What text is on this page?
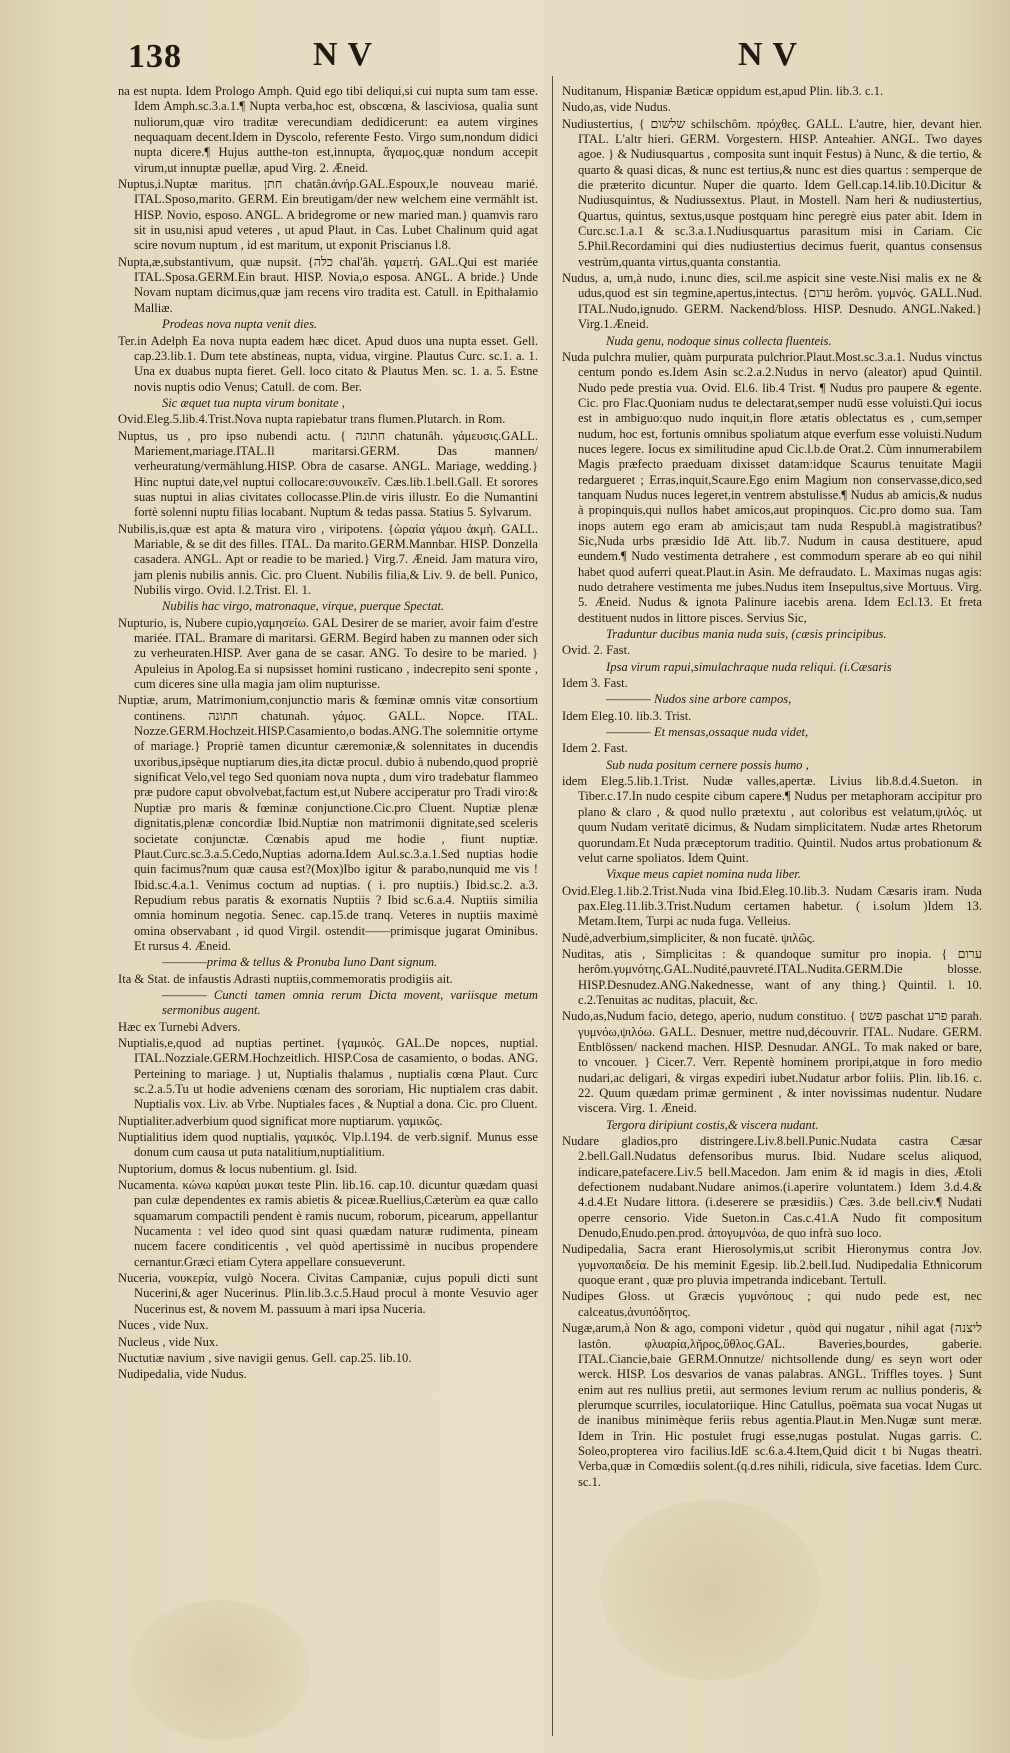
138	NV	NV
na est nupta. Idem Prologo Amph. Quid ego tibi deliqui,si cui nupta sum tam esse. Idem Amph.sc.3.a.1.¶ Nupta verba,hoc est, obscœna, & lasciviosa, qualia sunt nuliorum,quæ viro traditæ verecundiam dedidicerunt: ea autem virgines nequaquam decent.Idem in Dyscolo, referente Festo. Virgo sum,nondum didici nupta dicere.¶ Hujus autthe-ton est,innupta, ἄγαμος,quæ nondum accepit virum,ut innuptæ puellæ, apud Virg. 2. Æneid.
Nuptus,i.Nuptæ maritus. חתן chatân.ἀνήρ.GAL.Espoux,le nouveau marié. ITAL.Sposo,marito. GERM. Ein breutigam/der new welchem eine vermählt ist. HISP. Novio, esposo. ANGL. A bridegrome or new maried man.} quamvis raro sit in usu,nisi apud veteres , ut apud Plaut. in Cas. Lubet Chalinum quid agat scire novum nuptum , id est maritum, ut exponit Priscianus l.8.
Nupta,æ,substantivum, quæ nupsit. {כלה chal'âh. γαμετή. GAL.Qui est mariée ITAL.Sposa.GERM.Ein braut. HISP. Novia,o esposa. ANGL. A bride.} Unde Novam nuptam dicimus,quæ jam recens viro tradita est. Catull. in Epithalamio Malliæ.
Prodeas nova nupta venit dies.
Ter.in Adelph Ea nova nupta eadem hæc dicet. Apud duos una nupta esset. Gell. cap.23.lib.1. Dum tete abstineas, nupta, vidua, virgine. Plautus Curc. sc.1. a. 1. Una ex duabus nupta fieret. Gell. loco citato & Plautus Men. sc. 1. a. 5. Estne novis nuptis odio Venus; Catull. de com. Ber.
Sic æquet tua nupta virum bonitate ,
Ovid.Eleg.5.lib.4.Trist.Nova nupta rapiebatur trans flumen.Plutarch. in Rom.
Nuptus, us , pro ipso nubendi actu. { חתונה chatunâh. γάμευσις.GALL. Mariement,mariage.ITAL.Il maritarsi.GERM. Das mannen/ verheuratung/vermählung.HISP. Obra de casarse. ANGL. Mariage, wedding.} Hinc nuptui date,vel nuptui collocare:συνοικεῖν. Cæs.lib.1.bell.Gall. Et sorores suas nuptui in alias civitates collocasse.Plin.de viris illustr. Eo die Numantini fortè solenni nuptu filias locabant. Nuptum & tedas passa. Statius 5. Sylvarum.
Nubilis,is,quæ est apta & matura viro , viripotens. {ὡραία γάμου ἀκμὴ. GALL. Mariable, & se dit des filles. ITAL. Da marito.GERM.Mannbar. HISP. Donzella casadera. ANGL. Apt or readie to be maried.} Virg.7. Æneid. Jam matura viro, jam plenis nubilis annis. Cic. pro Cluent. Nubilis filia,& Liv. 9. de bell. Punico, Nubilis virgo. Ovid. l.2.Trist. El. 1.
Nubilis hac virgo, matronaque, virque, puerque Spectat.
Nupturio, is, Nubere cupio,γαμησείω. GAL Desirer de se marier, avoir faim d'estre mariée. ITAL. Bramare di maritarsi. GERM. Begird haben zu mannen oder sich zu verheuraten.HISP. Aver gana de se casar. ANG. To desire to be maried. } Apuleius in Apolog.Ea si nupsisset homini rusticano , indecrepito seni sponte , cum diceres sine ulla magia jam olim nupturisse.
Nuptiæ, arum, Matrimonium,conjunctio maris & fœminæ omnis vitæ consortium continens. חתונה chatunah. γάμος. GALL. Nopce. ITAL. Nozze.GERM.Hochzeit.HISP.Casamiento,o bodas.ANG.The solemnitie ortyme of mariage.} Propriè tamen dicuntur cæremoniæ,& solennitates in ducendis uxoribus,ipsèque nuptiarum dies,ita dictæ procul. dubio à nubendo,quod propriè significat Velo,vel tego Sed quoniam nova nupta , dum viro tradebatur flammeo præ pudore caput obvolvebat,factum est,ut Nubere acciperatur pro Tradi viro:& Nuptiæ pro maris & fœminæ conjunctione.Cic.pro Cluent. Nuptiæ plenæ dignitatis,plenæ concordiæ Ibid.Nuptiæ non matrimonii dignitate,sed sceleris societate conjunctæ. Cœnabis apud me hodie , fiunt nuptiæ. Plaut.Curc.sc.3.a.5.Cedo,Nuptias adorna.Idem Aul.sc.3.a.1.Sed nuptias hodie quin facimus?num quæ causa est?(Mox)Ibo igitur & parabo,nunquid me vis ! Ibid.sc.4.a.1. Venimus coctum ad nuptias. ( i. pro nuptiis.) Ibid.sc.2. a.3. Repudium rebus paratis & exornatis Nuptiis ? Ibid sc.6.a.4. Nuptiis similia omnia hominum negotia. Senec. cap.15.de tranq. Veteres in nuptiis maximè omina observabant , id quod Virgil. ostendit——primisque jugarat Ominibus. Et rursus 4. Æneid.
————prima & tellus & Pronuba Iuno Dant signum.
Ita & Stat. de infaustis Adrasti nuptiis,commemoratis prodigiis ait.
———— Cuncti tamen omnia rerum Dicta movent, variisque metum sermonibus augent.
Hæc ex Turnebi Advers.
Nuptialis,e,quod ad nuptias pertinet. {γαμικός. GAL.De nopces, nuptial. ITAL.Nozziale.GERM.Hochzeitlich. HISP.Cosa de casamiento, o bodas. ANG. Perteining to mariage. } ut, Nuptialis thalamus , nuptialis cœna Plaut. Curc sc.2.a.5.Tu ut hodie adveniens cœnam des sororiam, Hic nuptialem cras dabit. Nuptialis vox. Liv. ab Vrbe. Nuptiales faces , & Nuptial a dona. Cic. pro Cluent.
Nuptialiter.adverbium quod significat more nuptiarum. γαμικῶς.
Nuptialitius idem quod nuptialis, γαμικός. Vlp.l.194. de verb.signif. Munus esse donum cum causa ut puta natalitium,nuptialitium.
Nuptorium, domus & locus nubentium. gl. Isid.
Nucamenta. κώνω καρύαι μυκαι teste Plin. lib.16. cap.10. dicuntur quædam quasi pan culæ dependentes ex ramis abietis & piceæ.Ruellius,Cæterùm ea quæ callo squamarum compactili pendent è ramis nucum, roborum, picearum, appellantur Nucamenta : vel ideo quod sint quasi quædam naturæ rudimenta, pineam nucem facere conditicentis , vel quòd apertissimè in nucibus propendere cernantur.Græci etiam Cytera appellare consueverunt.
Nuceria, νουκερία, vulgò Nocera. Civitas Campaniæ, cujus populi dicti sunt Nucerini,& ager Nucerinus. Plin.lib.3.c.5.Haud procul à monte Vesuvio ager Nucerinus est, & novem M. passuum à mari ipsa Nuceria.
Nuces , vide Nux.
Nucleus , vide Nux.
Nuctutiæ navium , sive navigii genus. Gell. cap.25. lib.10.
Nudipedalia, vide Nudus.
Nuditanum, Hispaniæ Bæticæ oppidum est,apud Plin. lib.3. c.1.
Nudo,as, vide Nudus.
Nudiustertius, { שלשום schilschôm. πρόχθες. GALL. L'autre, hier, devant hier. ITAL. L'altr hieri. GERM. Vorgestern. HISP. Anteahier. ANGL. Two dayes agoe. } & Nudiusquartus , composita sunt inquit Festus) à Nunc, & die tertio, & quarto & quasi dicas, & nunc est tertius,& nunc est dies quartus : semperque de die præterito dicuntur. Nuper die quarto. Idem Gell.cap.14.lib.10.Dicitur & Nudiusquintus, & Nudiussextus. Plaut. in Mostell. Nam heri & nudiustertius, Quartus, quintus, sextus,usque postquam hinc peregrè eius pater abit. Idem in Curc.sc.1.a.1 & sc.3.a.1.Nudiusquartus parasitum misi in Cariam. Cic 5.Phil.Recordamini qui dies nudiustertius decimus fuerit, quantus consensus vestrùm,quanta virtus,quanta constantia.
Nudus, a, um,à nudo, i.nunc dies, scil.me aspicit sine veste.Nisi malis ex ne & udus,quod est sin tegmine,apertus,intectus. {ערום herôm. γυμνός. GALL.Nud. ITAL.Nudo,ignudo. GERM. Nackend/bloss. HISP. Desnudo. ANGL.Naked.} Virg.1.Æneid.
Nuda genu, nodoque sinus collecta fluenteis.
Nuda pulchra mulier, quàm purpurata pulchrior.Plaut.Most.sc.3.a.1. Nudus vinctus centum pondo es.Idem Asin sc.2.a.2.Nudus in nervo (aleator) apud Quintil. Nudo pede prestia vua. Ovid. El.6. lib.4 Trist. ¶ Nudus pro paupere & egente. Cic. pro Flac.Quoniam nudus te delectarat,semper nudū esse voluisti.Qui iocus est in ambiguo:quo nudo inquit,in flore ætatis oblectatus es , cum,semper nudum, hoc est, fortunis omnibus spoliatum atque everfum esse voluisti.Nudum nuces legere. Iocus ex similitudine apud Cic.l.b.de Orat.2. Cùm innumerabilem Magis præfecto praeduam dixisset datam:idque Scaurus tenuitate Magii redargueret ; Erras,inquit,Scaure.Ego enim Magium non conservasse,dico,sed tanquam Nudus nuces legeret,in ventrem abstulisse.¶ Nudus ab amicis,& nudus à propinquis,qui nullos habet amicos,aut propinquos. Cic.pro domo sua. Tam inops autem ego eram ab amicis;aut tam nuda Respubl.à magistratibus?Sic,Nuda urbs præsidio Idē Att. lib.7. Nudum in causa destituere, apud eundem.¶ Nudo vestimenta detrahere , est commodum sperare ab eo qui nihil habet quod auferri queat.Plaut.in Asin. Me defraudato. L. Maximas nugas agis: nudo detrahere vestimenta me jubes.Nudus item Insepultus,sive Mortuus. Virg. 5. Æneid. Nudus & ignota Palinure iacebis arena. Idem Ecl.13. Et freta destituent nudos in littore pisces. Servius Sic,
Traduntur ducibus mania nuda suis, (cæsis principibus.
Ovid. 2. Fast.
Ipsa virum rapui,simulachraque nuda reliqui. (i.Cæsaris
Idem 3. Fast.
———— Nudos sine arbore campos,
Idem Eleg.10. lib.3. Trist.
———— Et mensas,ossaque nuda videt,
Idem 2. Fast.
Sub nuda positum cernere possis humo ,
idem Eleg.5.lib.1.Trist. Nudæ valles,apertæ. Livius lib.8.d.4.Sueton. in Tiber.c.17.In nudo cespite cibum capere.¶ Nudus per metaphoram accipitur pro plano & claro , & quod nullo prætextu , aut coloribus est velatum,ψιλός. ut quum Nudam veritatē dicimus, & Nudam simplicitatem. Nudæ artes Rhetorum quorundam.Et Nuda præceptorum traditio. Quintil. Nudos artus probationum & velut carne spoliatos. Idem Quint.
Vixque meus capiet nomina nuda liber.
Ovid.Eleg.1.lib.2.Trist.Nuda vina Ibid.Eleg.10.lib.3. Nudam Cæsaris iram. Nuda pax.Eleg.11.lib.3.Trist.Nudum certamen habetur. ( i.solum )Idem 13. Metam.Item, Turpi ac nuda fuga. Velleius.
Nudè,adverbium,simpliciter, & non fucatè. ψιλῶς.
Nuditas, atis , Simplicitas : & quandoque sumitur pro inopia. { ערום herôm.γυμνότης.GAL.Nudité,pauvreté.ITAL.Nudita.GERM.Die blosse. HISP.Desnudez.ANG.Nakednesse, want of any thing.} Quintil. l. 10. c.2.Tenuitas ac nuditas, placuit, &c.
Nudo,as,Nudum facio, detego, aperio, nudum constituo. { פשט paschat פרע parah. γυμνόω,ψιλόω. GALL. Desnuer, mettre nud,découvrir. ITAL. Nudare. GERM. Entblössen/ nackend machen. HISP. Desnudar. ANGL. To mak naked or bare, to vncouer. } Cicer.7. Verr. Repentè hominem proripi,atque in foro medio nudari,ac deligari, & virgas expediri iubet.Nudatur arbor foliis. Plin. lib.16. c. 22. Quum quædam primæ germinent , & inter novissimas nudentur. Nudare viscera. Virg. 1. Æneid.
Tergora diripiunt costis,& viscera nudant.
Nudare gladios,pro distringere.Liv.8.bell.Punic.Nudata castra Cæsar 2.bell.Gall.Nudatus defensoribus murus. Ibid. Nudare scelus aliquod, indicare,patefacere.Liv.5 bell.Macedon. Jam enim & id magis in dies, Ætoli defectionem nudabant.Nudare animos.(i.aperire voluntatem.) Idem 3.d.4.& 4.d.4.Et Nudare littora. (i.deserere se præsidiis.) Cæs. 3.de bell.civ.¶ Nudati operre censorio. Vide Sueton.in Cas.c.41.A Nudo fit compositum Denudo,Enudo.pen.prod. ἀπογυμνόω, de quo infrà suo loco.
Nudipedalia, Sacra erant Hierosolymis,ut scribit Hieronymus contra Jov. γυμνοπαιδεία. De his meminit Egesip. lib.2.bell.Iud. Nudipedalia Ethnicorum quoque erant , quæ pro pluvia impetranda indicebant. Tertull.
Nudipes Gloss. ut Græcis γυμνόπους ; qui nudo pede est, nec calceatus,ἀνυπόδητος.
Nugæ,arum,à Non & ago, componi videtur , quòd qui nugatur , nihil agat {ליצנה lastôn. φλυαρία,λῆρος,ὕθλος.GAL. Baveries,bourdes, gaberie. ITAL.Ciancie,baie GERM.Onnutze/ nichtsollende dung/ es seyn wort oder werck. HISP. Los desvarios de vanas palabras. ANGL. Triffles toyes. } Sunt enim aut res nullius pretii, aut sermones levium rerum ac nullius ponderis, & plerumque scurriles, ioculatoriique. Hinc Catullus, poëmata sua vocat Nugas ut de inanibus minimèque feriis rebus agentia.Plaut.in Men.Nugæ sunt meræ. Idem in Trin. Hic postulet frugi esse,nugas postulat. Nugas garris. C. Soleo,propterea viro facilius.IdE sc.6.a.4.Item,Quid dicit t bi Nugas theatri. Verba,quæ in Comœdiis solent.(q.d.res nihili, ridicula, sive facetias. Idem Curc. sc.1.
